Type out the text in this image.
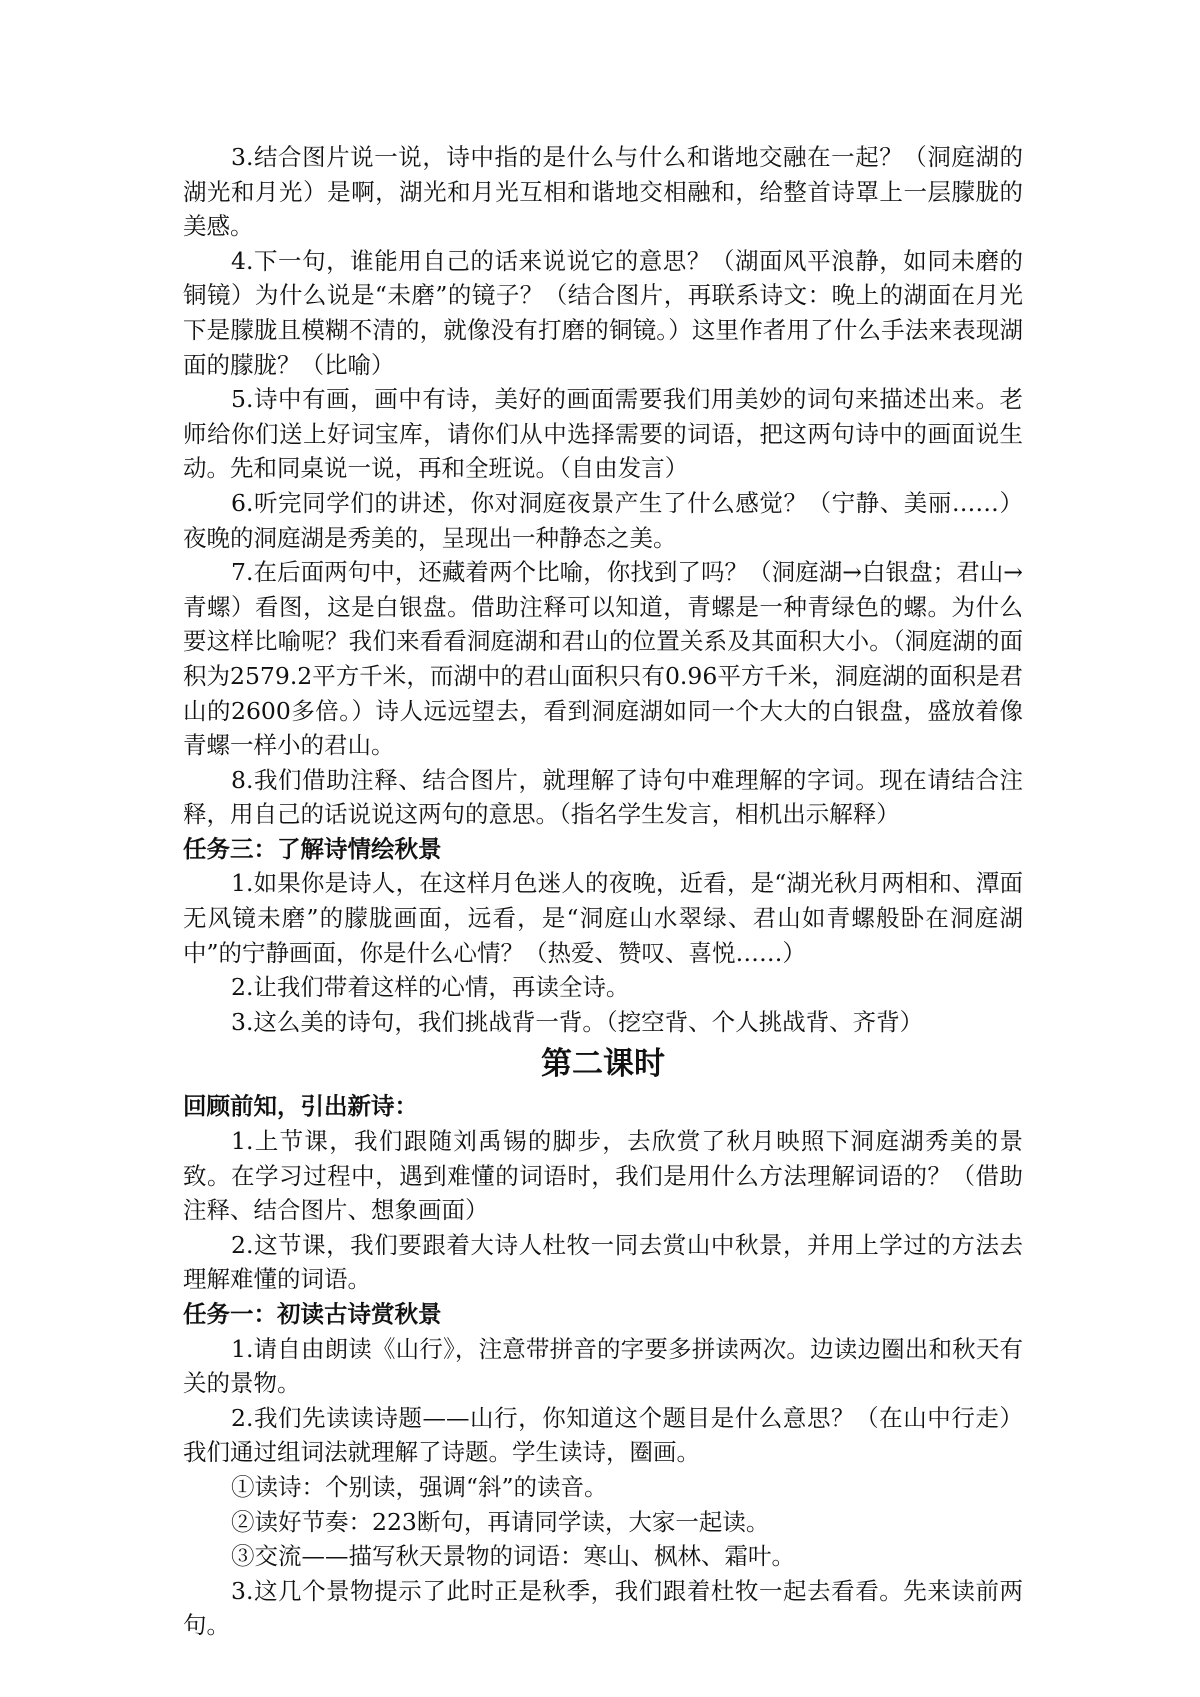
3.结合图片说一说，诗中指的是什么与什么和谐地交融在一起？（洞庭湖的湖光和月光）是啊，湖光和月光互相和谐地交相融和，给整首诗罩上一层朦胧的美感。

4.下一句，谁能用自己的话来说说它的意思？（湖面风平浪静，如同未磨的铜镜）为什么说是“未磨”的镜子？（结合图片，再联系诗文：晚上的湖面在月光下是朦胧且模糊不清的，就像没有打磨的铜镜。）这里作者用了什么手法来表现湖面的朦胧？（比喻）

5.诗中有画，画中有诗，美好的画面需要我们用美妙的词句来描述出来。老师给你们送上好词宝库，请你们从中选择需要的词语，把这两句诗中的画面说生动。先和同桌说一说，再和全班说。（自由发言）

6.听完同学们的讲述，你对洞庭夜景产生了什么感觉？（宁静、美丽……）夜晚的洞庭湖是秀美的，呈现出一种静态之美。

7.在后面两句中，还藏着两个比喻，你找到了吗？（洞庭湖→白银盘；君山→青螺）看图，这是白银盘。借助注释可以知道，青螺是一种青绿色的螺。为什么要这样比喻呢？我们来看看洞庭湖和君山的位置关系及其面积大小。（洞庭湖的面积为2579.2平方千米，而湖中的君山面积只有0.96平方千米，洞庭湖的面积是君山的2600多倍。）诗人远远望去，看到洞庭湖如同一个大大的白银盘，盛放着像青螺一样小的君山。

8.我们借助注释、结合图片，就理解了诗句中难理解的字词。现在请结合注释，用自己的话说说这两句的意思。（指名学生发言，相机出示解释）

任务三：了解诗情绘秋景

1.如果你是诗人，在这样月色迷人的夜晚，近看，是“湖光秋月两相和、潭面无风镜未磨”的朦胧画面，远看，是“洞庭山水翠绿、君山如青螺般卧在洞庭湖中”的宁静画面，你是什么心情？（热爱、赞叹、喜悦……）

2.让我们带着这样的心情，再读全诗。

3.这么美的诗句，我们挑战背一背。（挖空背、个人挑战背、齐背）

第二课时

回顾前知，引出新诗：

1.上节课，我们跟随刘禹锡的脚步，去欣赏了秋月映照下洞庭湖秀美的景致。在学习过程中，遇到难懂的词语时，我们是用什么方法理解词语的？（借助注释、结合图片、想象画面）

2.这节课，我们要跟着大诗人杜牧一同去赏山中秋景，并用上学过的方法去理解难懂的词语。

任务一：初读古诗赏秋景

1.请自由朗读《山行》，注意带拼音的字要多拼读两次。边读边圈出和秋天有关的景物。

2.我们先读读诗题——山行，你知道这个题目是什么意思？（在山中行走）我们通过组词法就理解了诗题。学生读诗，圈画。

①读诗：个别读，强调“斜”的读音。

②读好节奏：223断句，再请同学读，大家一起读。

③交流——描写秋天景物的词语：寒山、枫林、霜叶。

3.这几个景物提示了此时正是秋季，我们跟着杜牧一起去看看。先来读前两句。
